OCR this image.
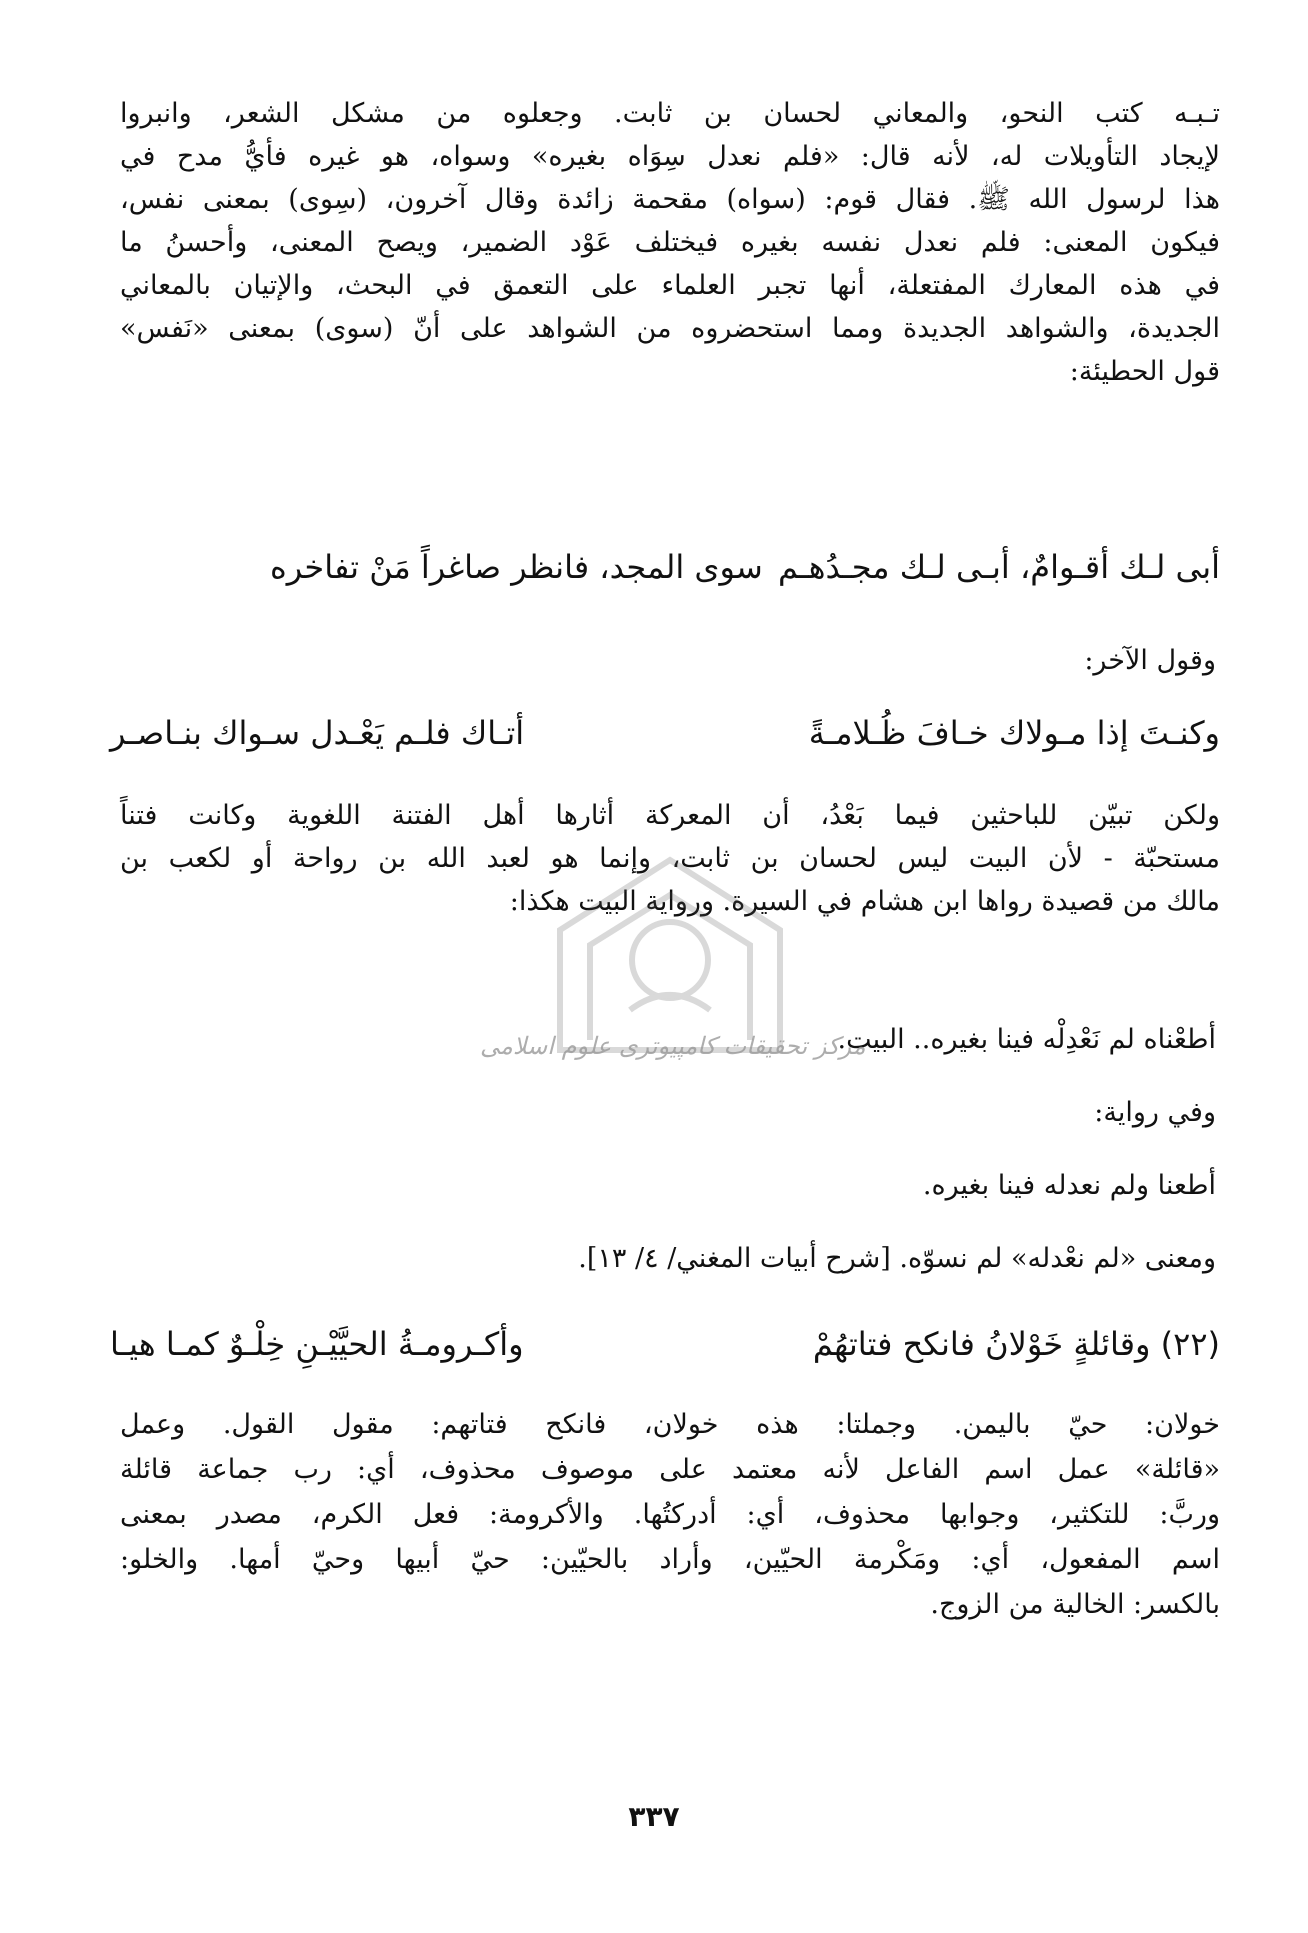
تـبـه كتب النحو، والمعاني لحسان بن ثابت. وجعلوه من مشكل الشعر، وانبروا
لإيجاد التأويلات له، لأنه قال: «فلم نعدل سِوَاه بغيره» وسواه، هو غيره فأيُّ مدح في
هذا لرسول الله ﷺ. فقال قوم: (سواه) مقحمة زائدة وقال آخرون، (سِوى) بمعنى نفس،
فيكون المعنى: فلم نعدل نفسه بغيره فيختلف عَوْد الضمير، ويصح المعنى، وأحسنُ ما
في هذه المعارك المفتعلة، أنها تجبر العلماء على التعمق في البحث، والإتيان بالمعاني
الجديدة، والشواهد الجديدة ومما استحضروه من الشواهد على أنّ (سوى) بمعنى «نَفس»
قول الحطيئة:
أبى لـك أقـوامٌ، أبـى لـك مجـدُهـم
سوى المجد، فانظر صاغراً مَنْ تفاخره
وقول الآخر:
وكنـتَ إذا مـولاك خـافَ ظُـلامـةً
أتـاك فلـم يَعْـدل سـواك بنـاصـر
ولكن تبيّن للباحثين فيما بَعْدُ، أن المعركة أثارها أهل الفتنة اللغوية وكانت فتناً
مستحبّة - لأن البيت ليس لحسان بن ثابت، وإنما هو لعبد الله بن رواحة أو لكعب بن
مالك من قصيدة رواها ابن هشام في السيرة. ورواية البيت هكذا:
أطعْناه لم نَعْدِلْه فينا بغيره.. البيت.
مرکز تحقیقات کامپیوتری علوم اسلامی
وفي رواية:
أطعنا ولم نعدله فينا بغيره.
ومعنى «لم نعْدله» لم نسوّه. [شرح أبيات المغني/ ٤/ ١٣].
(٢٢) وقائلةٍ خَوْلانُ فانكح فتاتهُمْ
وأكـرومـةُ الحيَّيْـنِ خِلْـوٌ كمـا هيـا
خولان: حيّ باليمن. وجملتا: هذه خولان، فانكح فتاتهم: مقول القول. وعمل
«قائلة» عمل اسم الفاعل لأنه معتمد على موصوف محذوف، أي: رب جماعة قائلة
وربَّ: للتكثير، وجوابها محذوف، أي: أدركتُها. والأكرومة: فعل الكرم، مصدر بمعنى
اسم المفعول، أي: ومَكْرمة الحيّين، وأراد بالحيّين: حيّ أبيها وحيّ أمها. والخلو:
بالكسر: الخالية من الزوج.
٣٣٧
